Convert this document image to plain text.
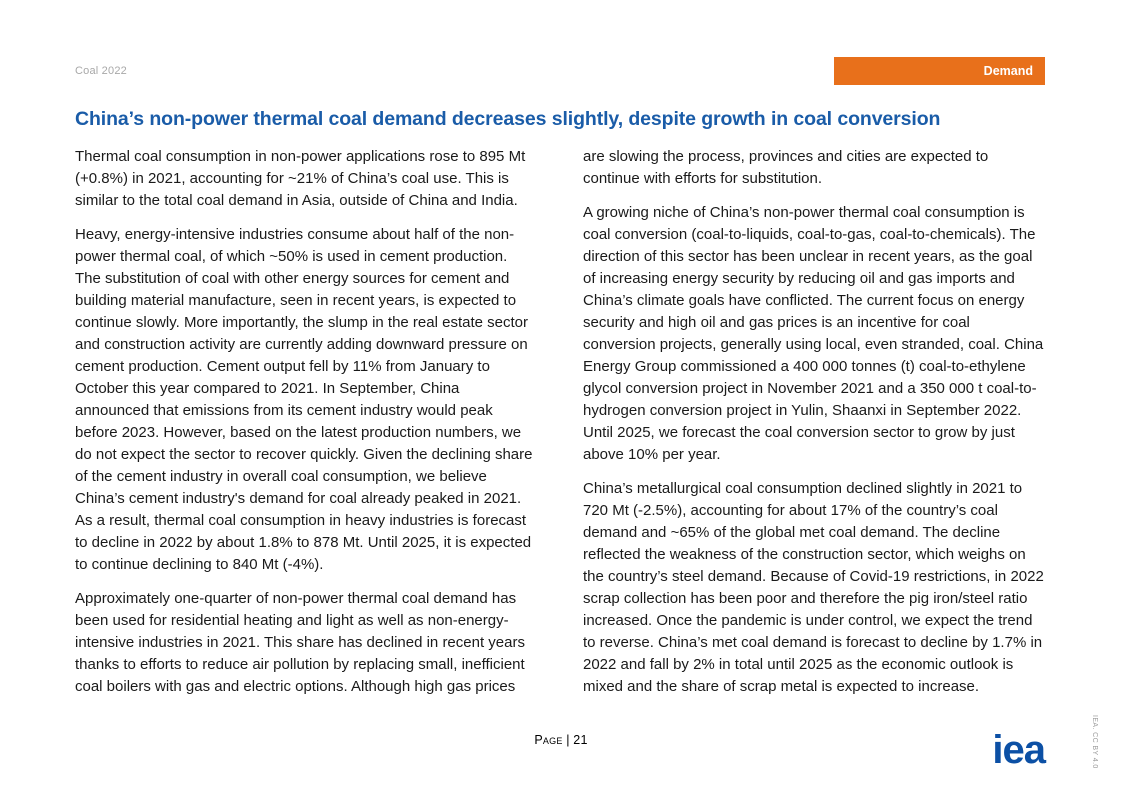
Coal 2022	Demand
China’s non-power thermal coal demand decreases slightly, despite growth in coal conversion

Thermal coal consumption in non-power applications rose to 895 Mt (+0.8%) in 2021, accounting for ~21% of China’s coal use. This is similar to the total coal demand in Asia, outside of China and India.

Heavy, energy-intensive industries consume about half of the non-power thermal coal, of which ~50% is used in cement production. The substitution of coal with other energy sources for cement and building material manufacture, seen in recent years, is expected to continue slowly. More importantly, the slump in the real estate sector and construction activity are currently adding downward pressure on cement production. Cement output fell by 11% from January to October this year compared to 2021. In September, China announced that emissions from its cement industry would peak before 2023. However, based on the latest production numbers, we do not expect the sector to recover quickly. Given the declining share of the cement industry in overall coal consumption, we believe China’s cement industry's demand for coal already peaked in 2021. As a result, thermal coal consumption in heavy industries is forecast to decline in 2022 by about 1.8% to 878 Mt. Until 2025, it is expected to continue declining to 840 Mt (-4%).

Approximately one-quarter of non-power thermal coal demand has been used for residential heating and light as well as non-energy-intensive industries in 2021. This share has declined in recent years thanks to efforts to reduce air pollution by replacing small, inefficient coal boilers with gas and electric options. Although high gas prices

are slowing the process, provinces and cities are expected to continue with efforts for substitution.

A growing niche of China’s non-power thermal coal consumption is coal conversion (coal-to-liquids, coal-to-gas, coal-to-chemicals). The direction of this sector has been unclear in recent years, as the goal of increasing energy security by reducing oil and gas imports and China’s climate goals have conflicted. The current focus on energy security and high oil and gas prices is an incentive for coal conversion projects, generally using local, even stranded, coal. China Energy Group commissioned a 400 000 tonnes (t) coal-to-ethylene glycol conversion project in November 2021 and a 350 000 t coal-to-hydrogen conversion project in Yulin, Shaanxi in September 2022. Until 2025, we forecast the coal conversion sector to grow by just above 10% per year.

China’s metallurgical coal consumption declined slightly in 2021 to 720 Mt (-2.5%), accounting for about 17% of the country’s coal demand and ~65% of the global met coal demand. The decline reflected the weakness of the construction sector, which weighs on the country’s steel demand. Because of Covid-19 restrictions, in 2022 scrap collection has been poor and therefore the pig iron/steel ratio increased. Once the pandemic is under control, we expect the trend to reverse. China’s met coal demand is forecast to decline by 1.7% in 2022 and fall by 2% in total until 2025 as the economic outlook is mixed and the share of scrap metal is expected to increase.

Page | 21	iea	IEA. CC BY 4.0
